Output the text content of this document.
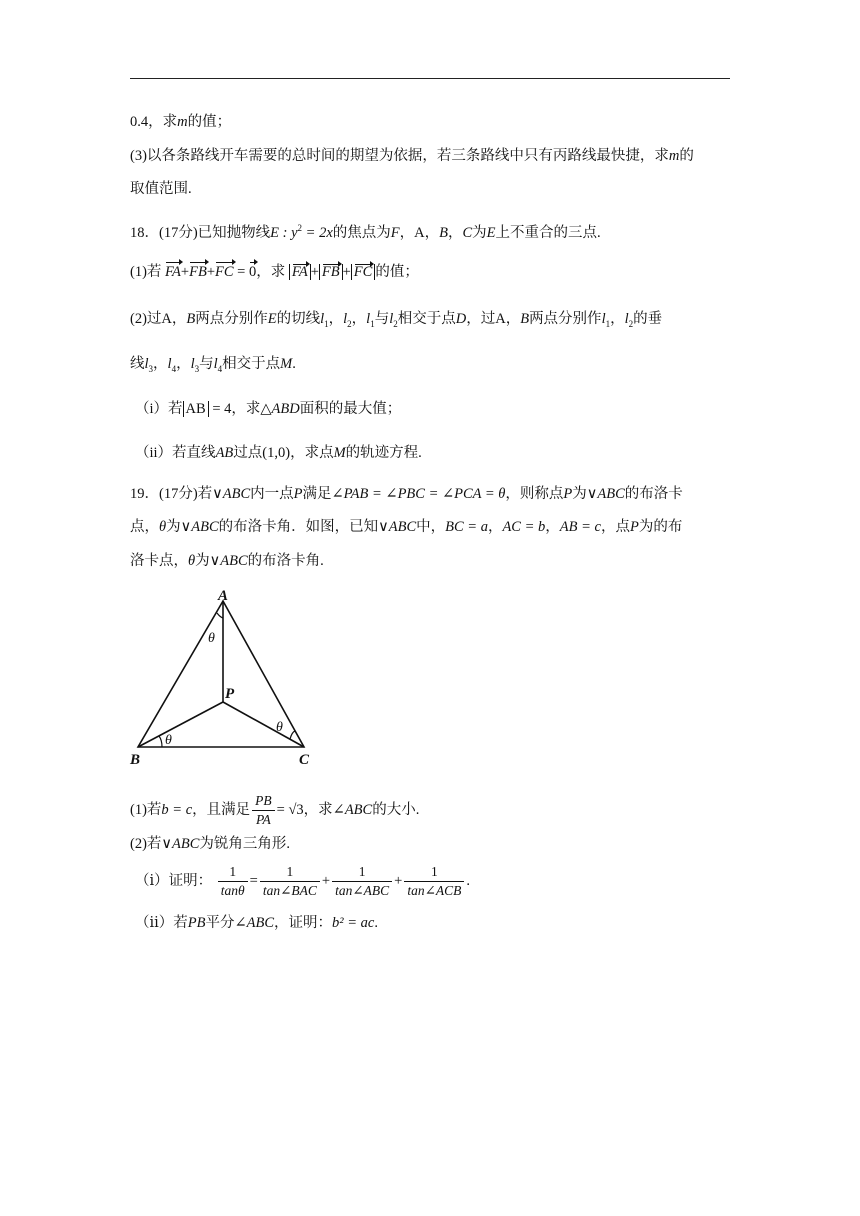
0.4，求m的值；
(3)以各条路线开车需要的总时间的期望为依据，若三条路线中只有丙路线最快捷，求m的
取值范围.
18．(17分)已知抛物线E : $y^2 = 2x$的焦点为F，A，B，C为E上不重合的三点.
(1)若 FA+FB+FC = 0，求 FA + FB + FC 的值；
(2)过A，B两点分别作E的切线$l_1$，$l_2$，$l_1$与$l_2$相交于点D，过A，B两点分别作$l_1$，$l_2$的垂
线$l_3$，$l_4$，$l_3$与$l_4$相交于点M.
（i）若 AB = 4，求△ABD面积的最大值；
（ii）若直线AB过点(1,0)，求点M的轨迹方程.
19．(17分)若∨ABC内一点P满足∠PAB = ∠PBC = ∠PCA = θ，则称点P为∨ABC的布洛卡
点，θ为∨ABC的布洛卡角．如图，已知∨ABC中，BC = a，AC = b，AB = c，点P为的布
洛卡点，θ为∨ABC的布洛卡角.
A
B	C
P
θ
θ
θ
(1)若b = c，且满足 $\frac{PB}{PA} = √3$，求∠ABC的大小.
(2)若∨ABC为锐角三角形.
（ⅰ）证明： $\frac{1}{\tan\theta} = \frac{1}{\text{tan∠BAC}} + \frac{1}{\text{tan∠ABC}} + \frac{1}{\text{tan∠ACB}}$ .
（ⅱ）若PB平分∠ABC，证明：b² = ac.
